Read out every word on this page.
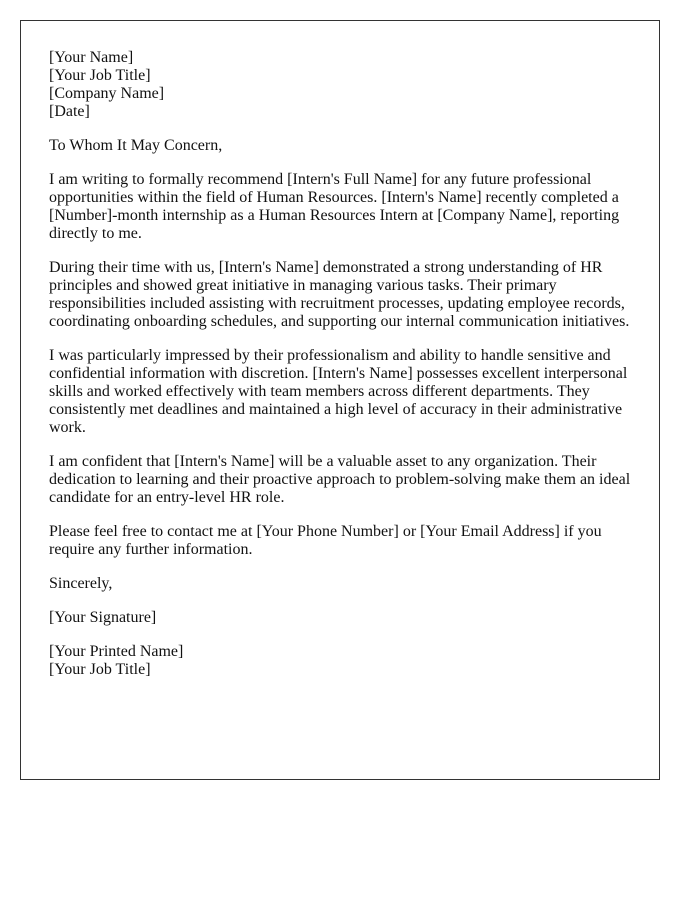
[Your Name]
[Your Job Title]
[Company Name]
[Date]

To Whom It May Concern,

I am writing to formally recommend [Intern's Full Name] for any future professional opportunities within the field of Human Resources. [Intern's Name] recently completed a [Number]-month internship as a Human Resources Intern at [Company Name], reporting directly to me.

During their time with us, [Intern's Name] demonstrated a strong understanding of HR principles and showed great initiative in managing various tasks. Their primary responsibilities included assisting with recruitment processes, updating employee records, coordinating onboarding schedules, and supporting our internal communication initiatives.

I was particularly impressed by their professionalism and ability to handle sensitive and confidential information with discretion. [Intern's Name] possesses excellent interpersonal skills and worked effectively with team members across different departments. They consistently met deadlines and maintained a high level of accuracy in their administrative work.

I am confident that [Intern's Name] will be a valuable asset to any organization. Their dedication to learning and their proactive approach to problem-solving make them an ideal candidate for an entry-level HR role.

Please feel free to contact me at [Your Phone Number] or [Your Email Address] if you require any further information.

Sincerely,

[Your Signature]

[Your Printed Name]
[Your Job Title]
